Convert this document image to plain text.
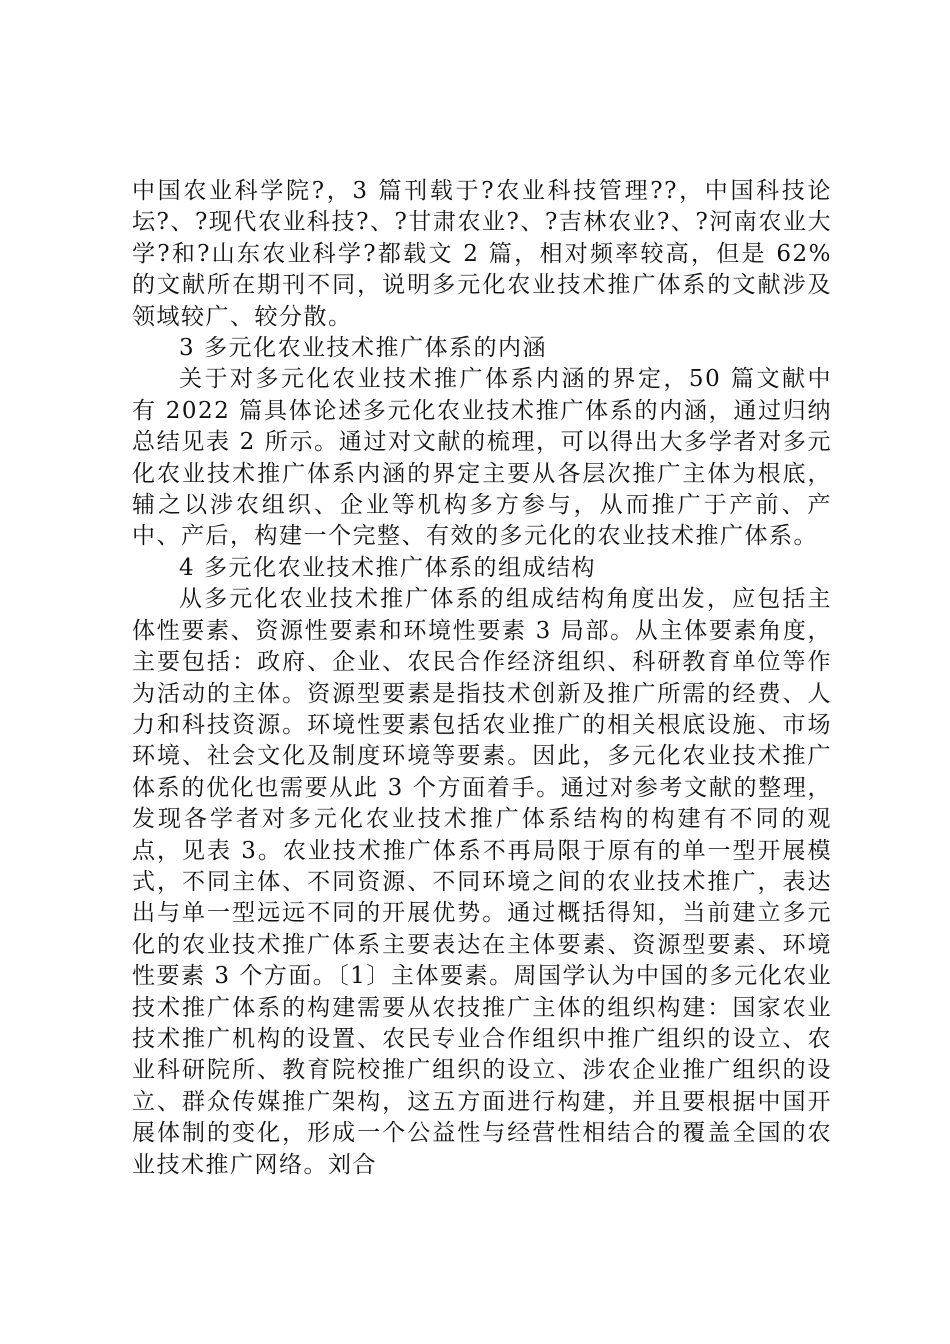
中国农业科学院?，3 篇刊载于?农业科技管理??，中国科技论坛?、?现代农业科技?、?甘肃农业?、?吉林农业?、?河南农业大学?和?山东农业科学?都载文 2 篇，相对频率较高，但是 62%的文献所在期刊不同，说明多元化农业技术推广体系的文献涉及领域较广、较分散。

3 多元化农业技术推广体系的内涵

关于对多元化农业技术推广体系内涵的界定，50 篇文献中有 2022 篇具体论述多元化农业技术推广体系的内涵，通过归纳总结见表 2 所示。通过对文献的梳理，可以得出大多学者对多元化农业技术推广体系内涵的界定主要从各层次推广主体为根底，辅之以涉农组织、企业等机构多方参与，从而推广于产前、产中、产后，构建一个完整、有效的多元化的农业技术推广体系。

4 多元化农业技术推广体系的组成结构

从多元化农业技术推广体系的组成结构角度出发，应包括主体性要素、资源性要素和环境性要素 3 局部。从主体要素角度，主要包括：政府、企业、农民合作经济组织、科研教育单位等作为活动的主体。资源型要素是指技术创新及推广所需的经费、人力和科技资源。环境性要素包括农业推广的相关根底设施、市场环境、社会文化及制度环境等要素。因此，多元化农业技术推广体系的优化也需要从此 3 个方面着手。通过对参考文献的整理，发现各学者对多元化农业技术推广体系结构的构建有不同的观点，见表 3。农业技术推广体系不再局限于原有的单一型开展模式，不同主体、不同资源、不同环境之间的农业技术推广，表达出与单一型远远不同的开展优势。通过概括得知，当前建立多元化的农业技术推广体系主要表达在主体要素、资源型要素、环境性要素 3 个方面。〔1〕主体要素。周国学认为中国的多元化农业技术推广体系的构建需要从农技推广主体的组织构建：国家农业技术推广机构的设置、农民专业合作组织中推广组织的设立、农业科研院所、教育院校推广组织的设立、涉农企业推广组织的设立、群众传媒推广架构，这五方面进行构建，并且要根据中国开展体制的变化，形成一个公益性与经营性相结合的覆盖全国的农业技术推广网络。刘合
